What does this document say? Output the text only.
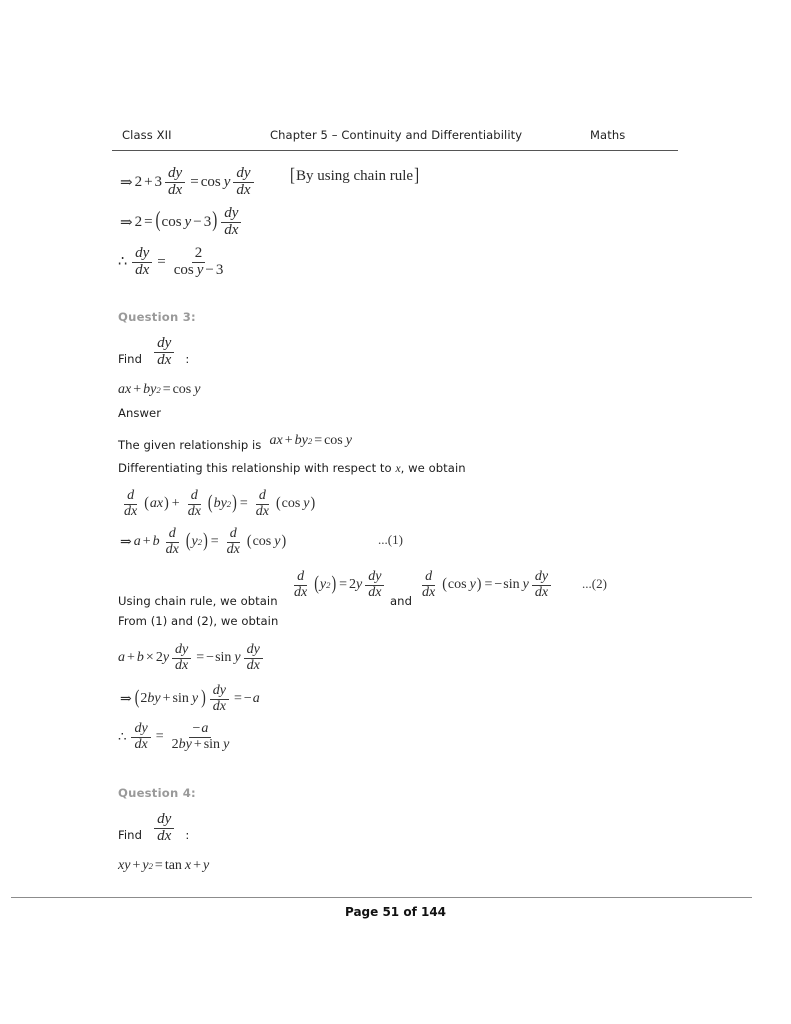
Class XII	Chapter 5 – Continuity and Differentiability	Maths
⇒ $2 + 3 \frac{dy}{dx} = \cos y \frac{dy}{dx}$ [ By using chain rule ]
⇒ 2 = ( cos y − 3 ) $\frac{dy}{dx}$
∴ $\frac{dy}{dx} = \frac{2}{\text{cos y − 3}}$
Question 3:
Find $\frac{dy}{dx}$ :
a x + b y 2 = cos y
Answer
The given relationship is a x + b y 2 = cos y
Differentiating this relationship with respect to x, we obtain
$\frac{d}{dx}$ ( a x ) + $\frac{d}{dx}$ ( b y 2 ) = $\frac{d}{dx}$ ( cos y )
⇒ a + b $\frac{d}{dx}$ ( y 2 ) = $\frac{d}{dx}$ ( cos y )	...(1)
Using chain rule, we obtain
$\frac{d}{dx}$ ( y 2 ) = 2 y $\frac{dy}{dx}$
and
$\frac{d}{dx}$ ( cos y ) = − sin y $\frac{dy}{dx} ...(2)$
From (1) and (2), we obtain
a + b × 2 y $\frac{dy}{dx}$ = − sin y $\frac{dy}{dx}$
⇒ ( 2 b y + sin y ) $\frac{dy}{dx}$ = − a
∴ $\frac{dy}{dx} = \frac{-a}{\text{2by + sin y}}$
Question 4:
Find $\frac{dy}{dx}$ :
x y + y 2 = tan x + y
Page 51 of 144
